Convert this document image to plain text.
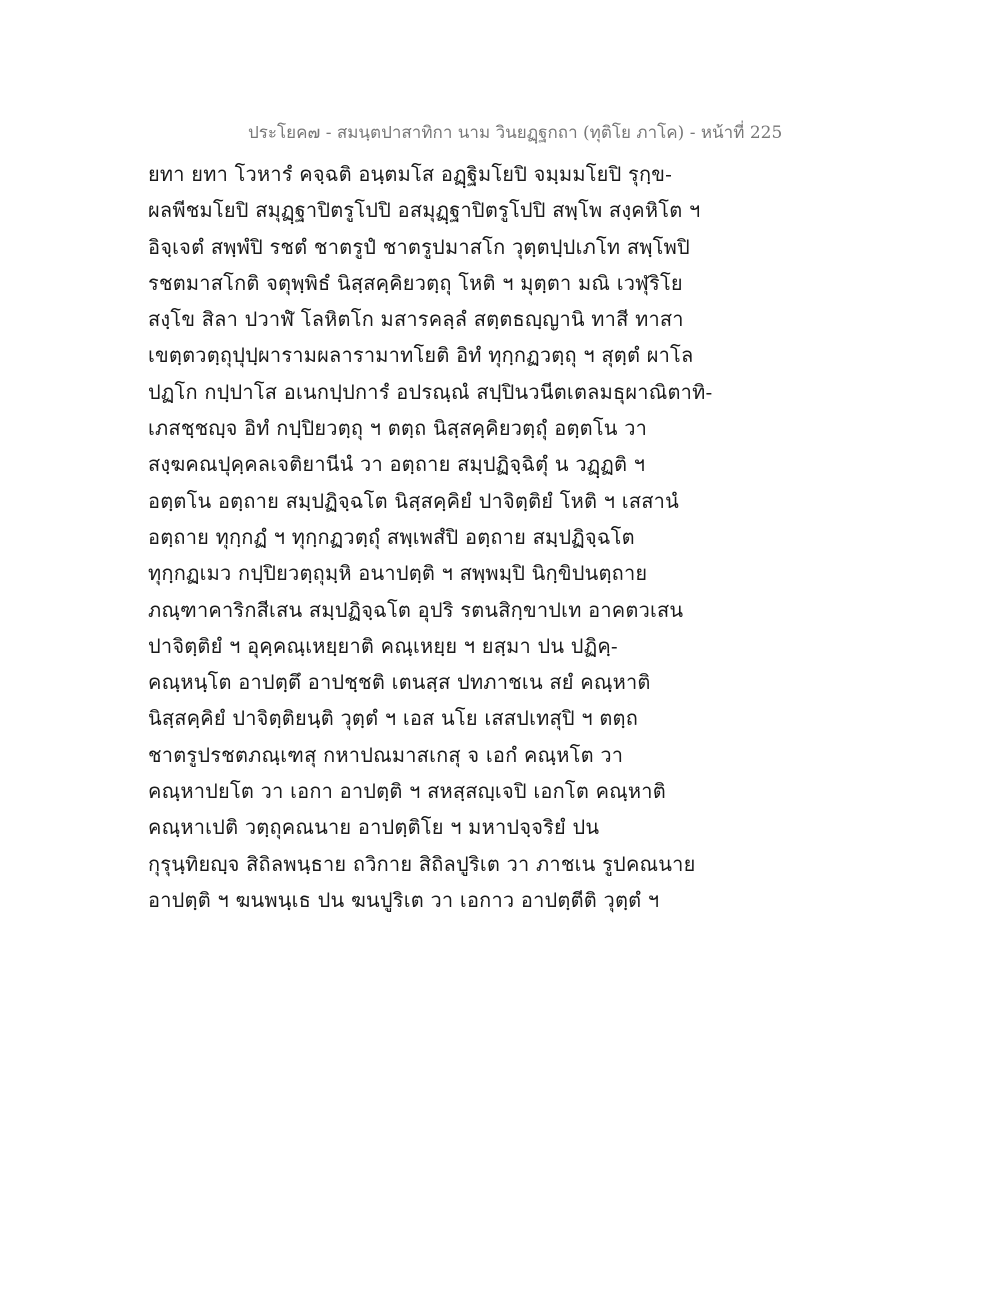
ประโยค๗ - สมนฺตปาสาทิกา นาม วินยฏฺฐกถา (ทุติโย ภาโค) - หน้าที่ 225
ยทา ยทา โวหารํ คจฺฉติ อนฺตมโส อฏฺฐิมโยปิ จมฺมมโยปิ รุกฺข-
ผลพีชมโยปิ สมุฏฺฐาปิตรูโปปิ อสมุฏฺฐาปิตรูโปปิ สพฺโพ สงฺคหิโต ฯ
อิจฺเจตํ สพฺพํปิ รชตํ ชาตรูปํ ชาตรูปมาสโก วุตฺตปฺปเภโท สพฺโพปิ
รชตมาสโกติ จตุพฺพิธํ นิสฺสคฺคิยวตฺถุ โหติ ฯ มุตฺตา มณิ เวฬุริโย
สงฺโข สิลา ปวาฬํ โลหิตโก มสารคลฺลํ สตฺตธญฺญานิ ทาสี ทาสา
เขตฺตวตฺถุปุปฺผารามผลารามาทโยติ อิทํ ทุกฺกฏวตฺถุ ฯ สุตฺตํ ผาโล
ปฏโก กปฺปาโส อเนกปฺปการํ อปรณฺณํ สปฺปินวนีตเตลมธุผาณิตาทิ-
เภสชฺชญฺจ อิทํ กปฺปิยวตฺถุ ฯ ตตฺถ นิสฺสคฺคิยวตฺถุํ อตฺตโน วา
สงฺฆคณปุคฺคลเจติยานีนํ วา อตฺถาย สมฺปฏิจฺฉิตุํ น วฏฺฏติ ฯ
อตฺตโน อตฺถาย สมฺปฏิจฺฉโต นิสฺสคฺคิยํ ปาจิตฺติยํ โหติ ฯ เสสานํ
อตฺถาย ทุกฺกฏํ ฯ ทุกฺกฏวตฺถุํ สพฺเพสํปิ อตฺถาย สมฺปฏิจฺฉโต
ทุกฺกฏเมว กปฺปิยวตฺถุมฺหิ อนาปตฺติ ฯ สพฺพมฺปิ นิกฺขิปนตฺถาย
ภณฺฑาคาริกสีเสน สมฺปฏิจฺฉโต อุปริ รตนสิกฺขาปเท อาคตวเสน
ปาจิตฺติยํ ฯ อุคฺคณฺเหยฺยาติ คณฺเหยฺย ฯ ยสฺมา ปน ปฏิคฺ-
คณฺหนฺโต อาปตฺตึ อาปชฺชติ เตนสฺส ปทภาชเน สยํ คณฺหาติ
นิสฺสคฺคิยํ ปาจิตฺติยนฺติ วุตฺตํ ฯ เอส นโย เสสปเทสุปิ ฯ ตตฺถ
ชาตรูปรชตภณฺเฑสุ กหาปณมาสเกสุ จ เอกํ คณฺหโต วา
คณฺหาปยโต วา เอกา อาปตฺติ ฯ สหสฺสญฺเจปิ เอกโต คณฺหาติ
คณฺหาเปติ วตฺถุคณนาย อาปตฺติโย ฯ มหาปจฺจริยํ ปน
กุรุนฺทิยญฺจ สิถิลพนฺธาย ถวิกาย สิถิลปูริเต วา ภาชเน รูปคณนาย
อาปตฺติ ฯ ฆนพนฺเธ ปน ฆนปูริเต วา เอกาว อาปตฺตีติ วุตฺตํ ฯ
